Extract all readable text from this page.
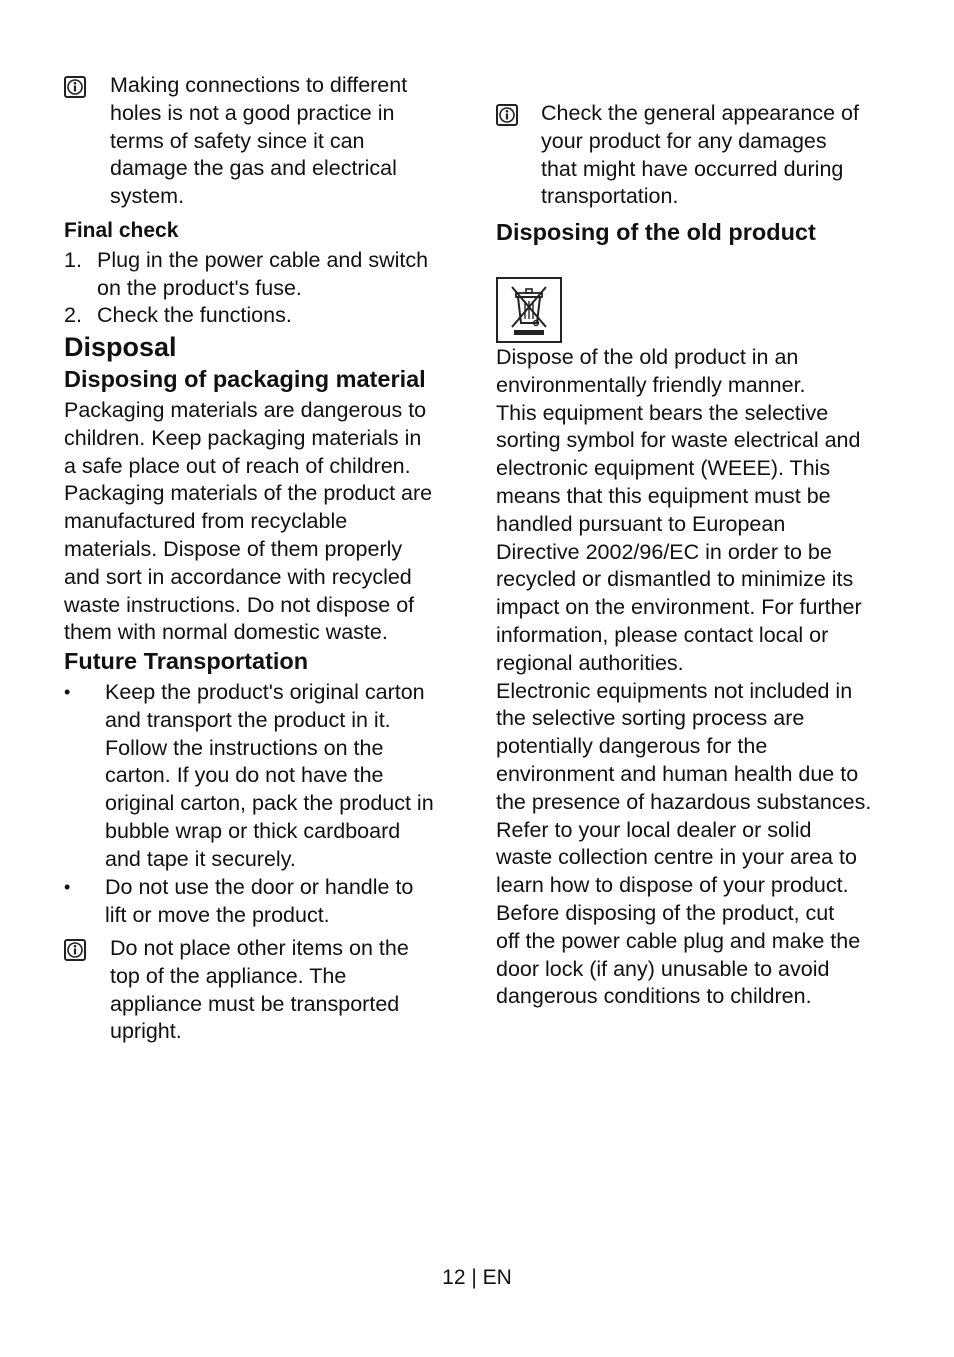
Making connections to different
holes is not a good practice in
terms of safety since it can
damage the gas and electrical
system.
Final check
1. Plug in the power cable and switch
on the product's fuse.
2. Check the functions.
Disposal
Disposing of packaging material
Packaging materials are dangerous to
children. Keep packaging materials in
a safe place out of reach of children.
Packaging materials of the product are
manufactured from recyclable
materials. Dispose of them properly
and sort in accordance with recycled
waste instructions. Do not dispose of
them with normal domestic waste.
Future Transportation
• Keep the product's original carton
and transport the product in it.
Follow the instructions on the
carton. If you do not have the
original carton, pack the product in
bubble wrap or thick cardboard
and tape it securely.
• Do not use the door or handle to
lift or move the product.
Do not place other items on the
top of the appliance. The
appliance must be transported
upright.
Check the general appearance of
your product for any damages
that might have occurred during
transportation.
Disposing of the old product
Dispose of the old product in an
environmentally friendly manner.
This equipment bears the selective
sorting symbol for waste electrical and
electronic equipment (WEEE). This
means that this equipment must be
handled pursuant to European
Directive 2002/96/EC in order to be
recycled or dismantled to minimize its
impact on the environment. For further
information, please contact local or
regional authorities.
Electronic equipments not included in
the selective sorting process are
potentially dangerous for the
environment and human health due to
the presence of hazardous substances.
Refer to your local dealer or solid
waste collection centre in your area to
learn how to dispose of your product.
Before disposing of the product, cut
off the power cable plug and make the
door lock (if any) unusable to avoid
dangerous conditions to children.
12 | EN
